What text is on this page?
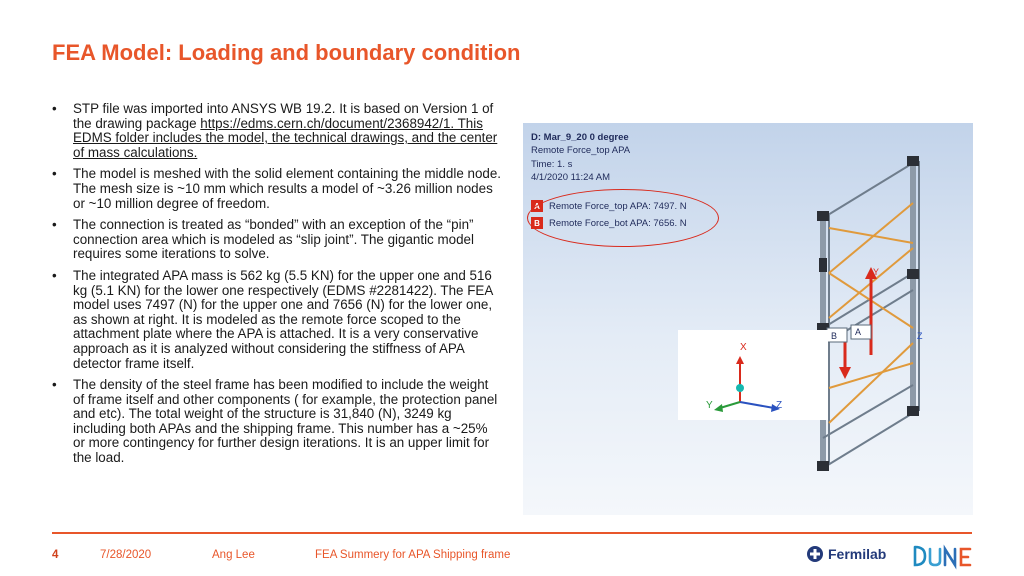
FEA Model: Loading and boundary condition
• STP file was imported into ANSYS WB 19.2. It is based on Version 1 of the drawing package https://edms.cern.ch/document/2368942/1. This EDMS folder includes the model, the technical drawings, and the center of mass calculations.
• The model is meshed with the solid element containing the middle node. The mesh size is ~10 mm which results a model of ~3.26 million nodes or ~10 million degree of freedom.
• The connection is treated as “bonded” with an exception of the “pin” connection area which is modeled as “slip joint”. The gigantic model requires some iterations to solve.
• The integrated APA mass is 562 kg (5.5 KN) for the upper one and 516 kg (5.1 KN) for the lower one respectively (EDMS #2281422). The FEA model uses 7497 (N) for the upper one and 7656 (N) for the lower one, as shown at right. It is modeled as the remote force scoped to the attachment plate where the APA is attached. It is a very conservative approach as it is analyzed without considering the stiffness of APA detector frame itself.
• The density of the steel frame has been modified to include the weight of frame itself and other components ( for example, the protection panel and etc). The total weight of the structure is 31,840 (N), 3249 kg including both APAs and the shipping frame. This number has a ~25% or more contingency for further design iterations. It is an upper limit for the load.
B A
Y
Z
D: Mar_9_20 0 degree
Remote Force_top APA
Time: 1. s
4/1/2020 11:24 AM
A Remote Force_top APA: 7497. N
B Remote Force_bot APA: 7656. N
X
Y	Z
4	7/28/2020	Ang Lee	FEA Summery for APA Shipping frame	Fermilab
